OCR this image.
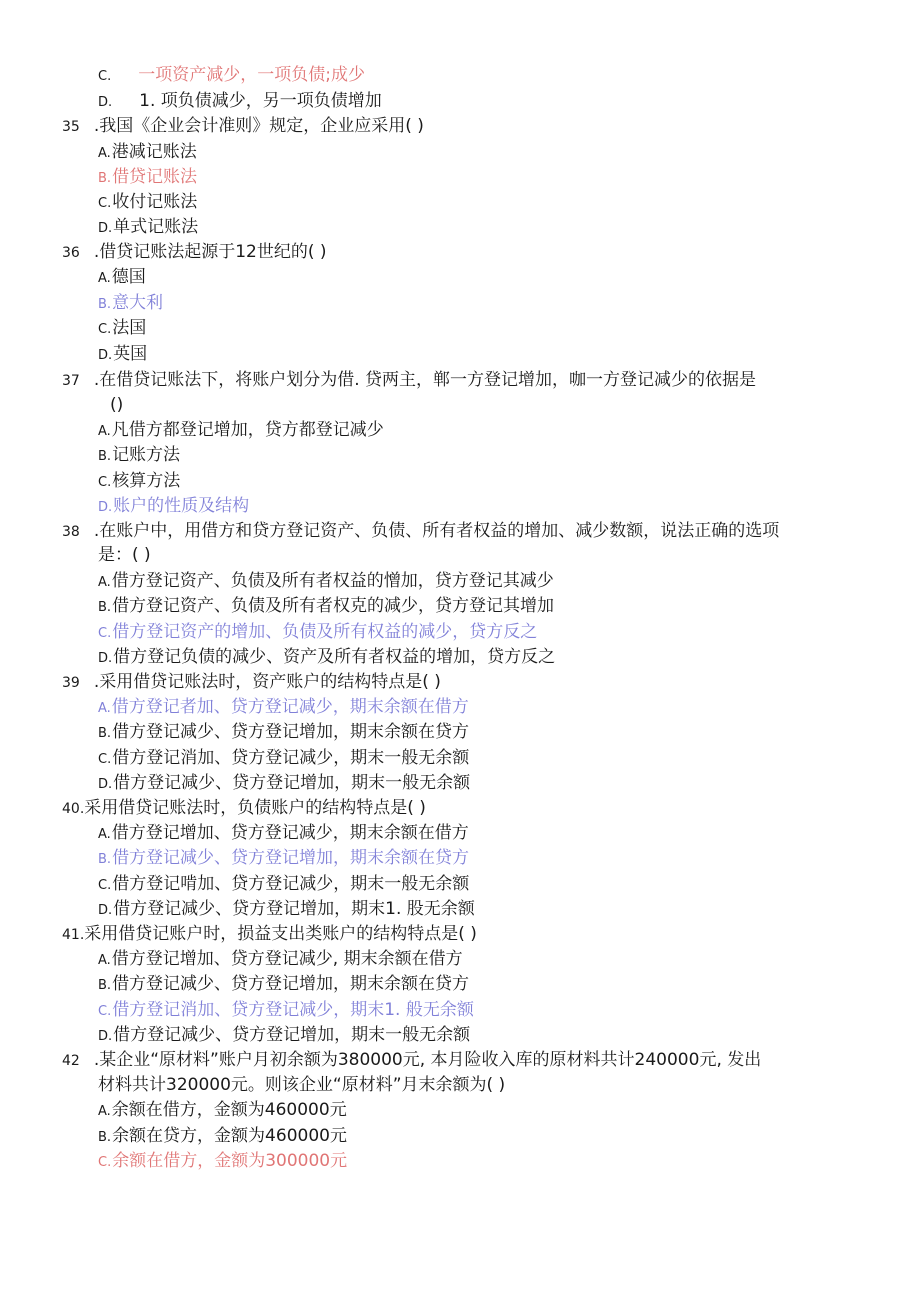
C. 一项资产减少，一项负债;成少
D. 1. 项负债减少，另一项负债增加
35 .我国《企业会计准则》规定，企业应采用( )
A.港减记账法
B.借贷记账法
C.收付记账法
D.单式记账法
36 .借贷记账法起源于12世纪的( )
A.德国
B.意大利
C.法国
D.英国
37 .在借贷记账法下，将账户划分为借. 贷两主，郸一方登记增加，咖一方登记减少的依据是
()
A.凡借方都登记增加，贷方都登记减少
B.记账方法
C.核算方法
D.账户的性质及结构
38 .在账户中，用借方和贷方登记资产、负债、所有者权益的增加、减少数额，说法正确的选项
是：( )
A.借方登记资产、负债及所有者权益的憎加，贷方登记其减少
B.借方登记资产、负债及所有者权克的减少，贷方登记其增加
C.借方登记资产的增加、负债及所有权益的减少，贷方反之
D.借方登记负债的减少、资产及所有者权益的增加，贷方反之
39 .采用借贷记账法时，资产账户的结构特点是( )
A.借方登记者加、贷方登记减少，期末余额在借方
B.借方登记减少、贷方登记增加，期末余额在贷方
C.借方登记消加、贷方登记减少，期末一般无余额
D.借方登记减少、贷方登记增加，期末一般无余额
40.采用借贷记账法时，负债账户的结构特点是( )
A.借方登记增加、贷方登记减少，期末余额在借方
B.借方登记减少、贷方登记增加，期末余额在贷方
C.借方登记啃加、贷方登记减少，期末一般无余额
D.借方登记减少、贷方登记增加，期末1. 股无余额
41.采用借贷记账户时，损益支出类账户的结构特点是( )
A.借方登记增加、贷方登记减少, 期末余额在借方
B.借方登记减少、贷方登记增加，期末余额在贷方
C.借方登记消加、贷方登记减少，期末1. 般无余额
D.借方登记减少、贷方登记增加，期末一般无余额
42 .某企业“原材料”账户月初余额为380000元, 本月险收入库的原材料共计240000元, 发出
材料共计320000元。则该企业“原材料”月末余额为( )
A.余额在借方，金额为460000元
B.余额在贷方，金额为460000元
C.余额在借方，金额为300000元
